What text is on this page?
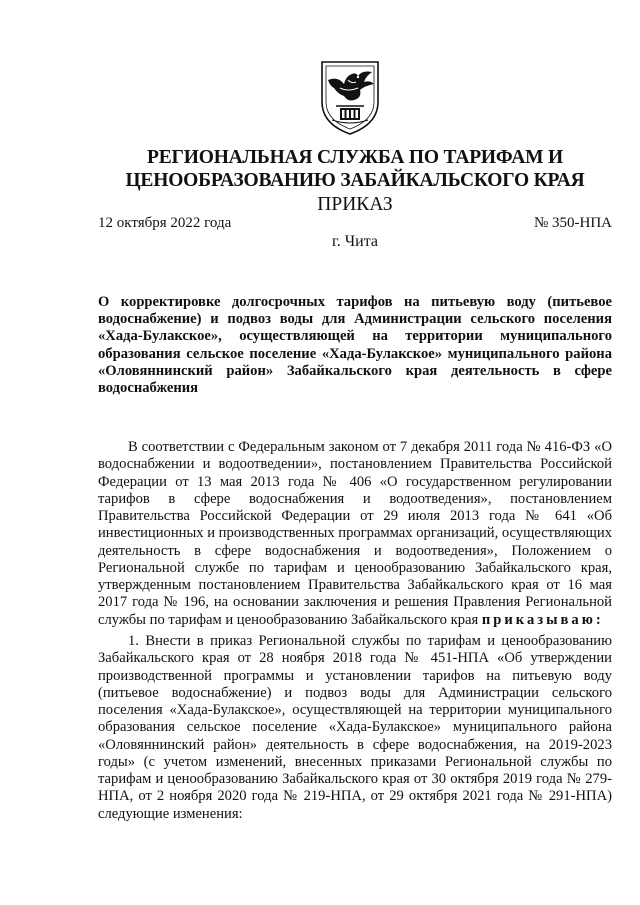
РЕГИОНАЛЬНАЯ СЛУЖБА ПО ТАРИФАМ И
ЦЕНООБРАЗОВАНИЮ ЗАБАЙКАЛЬСКОГО КРАЯ
ПРИКАЗ
12 октября 2022 года	№ 350-НПА
г. Чита
О корректировке долгосрочных тарифов на питьевую воду (питьевое водоснабжение) и подвоз воды для Администрации сельского поселения «Хада-Булакское», осуществляющей на территории муниципального образования сельское поселение «Хада-Булакское» муниципального района «Оловяннинский район» Забайкальского края деятельность в сфере водоснабжения
В соответствии с Федеральным законом от 7 декабря 2011 года № 416-ФЗ «О водоснабжении и водоотведении», постановлением Правительства Российской Федерации от 13 мая 2013 года № 406 «О государственном регулировании тарифов в сфере водоснабжения и водоотведения», постановлением Правительства Российской Федерации от 29 июля 2013 года № 641 «Об инвестиционных и производственных программах организаций, осуществляющих деятельность в сфере водоснабжения и водоотведения», Положением о Региональной службе по тарифам и ценообразованию Забайкальского края, утвержденным постановлением Правительства Забайкальского края от 16 мая 2017 года № 196, на основании заключения и решения Правления Региональной службы по тарифам и ценообразованию Забайкальского края приказываю:
1. Внести в приказ Региональной службы по тарифам и ценообразованию Забайкальского края от 28 ноября 2018 года № 451-НПА «Об утверждении производственной программы и установлении тарифов на питьевую воду (питьевое водоснабжение) и подвоз воды для Администрации сельского поселения «Хада-Булакское», осуществляющей на территории муниципального образования сельское поселение «Хада-Булакское» муниципального района «Оловяннинский район» деятельность в сфере водоснабжения, на 2019-2023 годы» (с учетом изменений, внесенных приказами Региональной службы по тарифам и ценообразованию Забайкальского края от 30 октября 2019 года № 279-НПА, от 2 ноября 2020 года № 219-НПА, от 29 октября 2021 года № 291-НПА) следующие изменения:
